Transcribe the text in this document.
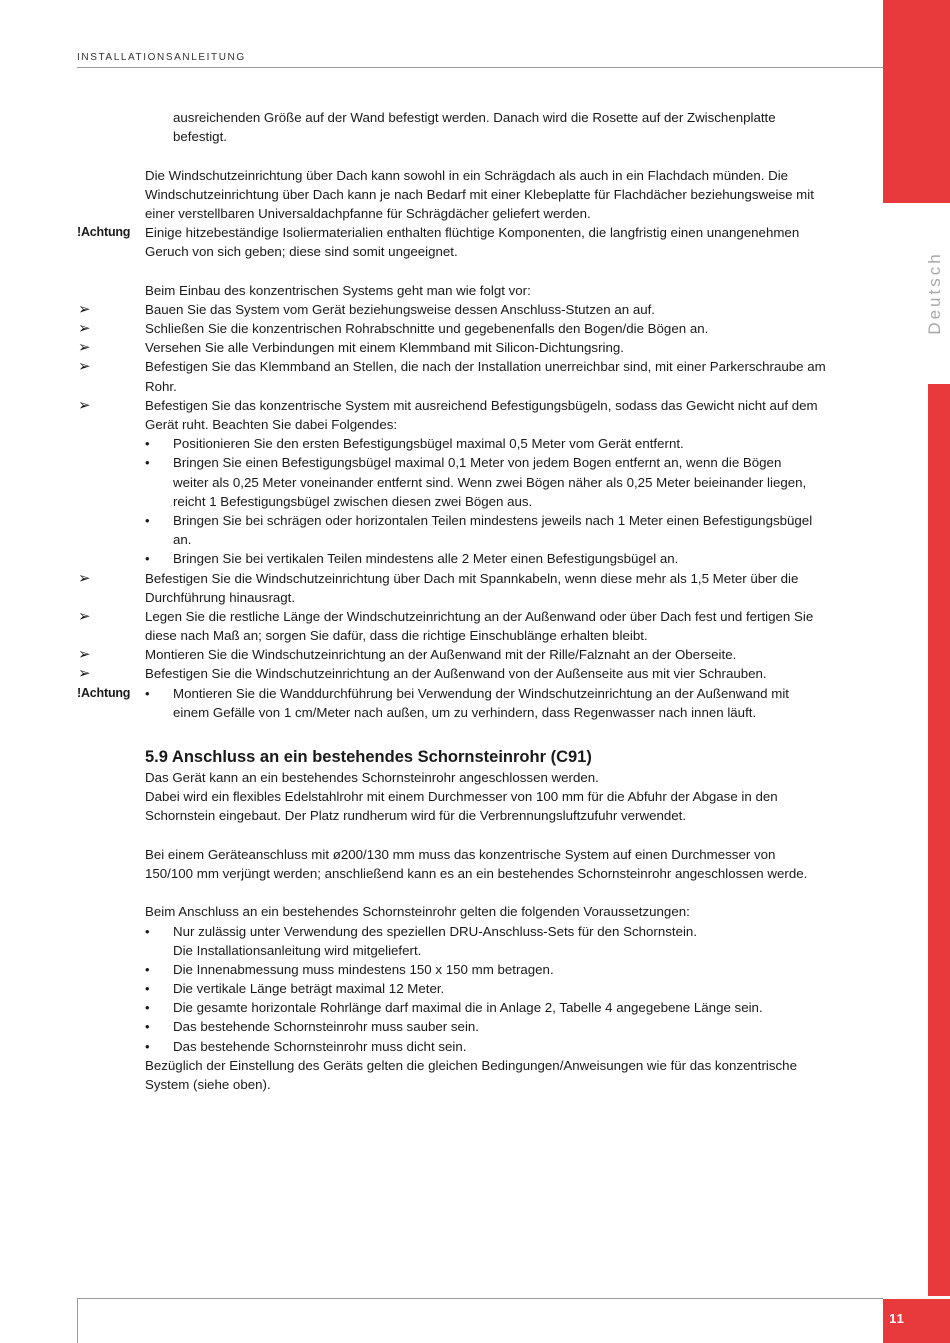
INSTALLATIONSANLEITUNG
Deutsch
ausreichenden Größe auf der Wand befestigt werden. Danach wird die Rosette auf der Zwischenplatte
befestigt.
Die Windschutzeinrichtung über Dach kann sowohl in ein Schrägdach als auch in ein Flachdach münden. Die
Windschutzeinrichtung über Dach kann je nach Bedarf mit einer Klebeplatte für Flachdächer beziehungsweise mit
einer verstellbaren Universaldachpfanne für Schrägdächer geliefert werden.
!Achtung Einige hitzebeständige Isoliermaterialien enthalten flüchtige Komponenten, die langfristig einen unangenehmen
Geruch von sich geben; diese sind somit ungeeignet.
Beim Einbau des konzentrischen Systems geht man wie folgt vor:
➢	Bauen Sie das System vom Gerät beziehungsweise dessen Anschluss-Stutzen an auf.
➢	Schließen Sie die konzentrischen Rohrabschnitte und gegebenenfalls den Bogen/die Bögen an.
➢	Versehen Sie alle Verbindungen mit einem Klemmband mit Silicon-Dichtungsring.
➢	Befestigen Sie das Klemmband an Stellen, die nach der Installation unerreichbar sind, mit einer Parkerschraube am
Rohr.
➢	Befestigen Sie das konzentrische System mit ausreichend Befestigungsbügeln, sodass das Gewicht nicht auf dem
Gerät ruht. Beachten Sie dabei Folgendes:
• Positionieren Sie den ersten Befestigungsbügel maximal 0,5 Meter vom Gerät entfernt.
• Bringen Sie einen Befestigungsbügel maximal 0,1 Meter von jedem Bogen entfernt an, wenn die Bögen
weiter als 0,25 Meter voneinander entfernt sind. Wenn zwei Bögen näher als 0,25 Meter beieinander liegen,
reicht 1 Befestigungsbügel zwischen diesen zwei Bögen aus.
• Bringen Sie bei schrägen oder horizontalen Teilen mindestens jeweils nach 1 Meter einen Befestigungsbügel
an.
• Bringen Sie bei vertikalen Teilen mindestens alle 2 Meter einen Befestigungsbügel an.
➢	Befestigen Sie die Windschutzeinrichtung über Dach mit Spannkabeln, wenn diese mehr als 1,5 Meter über die
Durchführung hinausragt.
➢	Legen Sie die restliche Länge der Windschutzeinrichtung an der Außenwand oder über Dach fest und fertigen Sie
diese nach Maß an; sorgen Sie dafür, dass die richtige Einschublänge erhalten bleibt.
➢	Montieren Sie die Windschutzeinrichtung an der Außenwand mit der Rille/Falznaht an der Oberseite.
➢	Befestigen Sie die Windschutzeinrichtung an der Außenwand von der Außenseite aus mit vier Schrauben.
!Achtung • Montieren Sie die Wanddurchführung bei Verwendung der Windschutzeinrichtung an der Außenwand mit
einem Gefälle von 1 cm/Meter nach außen, um zu verhindern, dass Regenwasser nach innen läuft.
5.9 Anschluss an ein bestehendes Schornsteinrohr (C91)
Das Gerät kann an ein bestehendes Schornsteinrohr angeschlossen werden.
Dabei wird ein flexibles Edelstahlrohr mit einem Durchmesser von 100 mm für die Abfuhr der Abgase in den
Schornstein eingebaut. Der Platz rundherum wird für die Verbrennungsluftzufuhr verwendet.
Bei einem Geräteanschluss mit ø200/130 mm muss das konzentrische System auf einen Durchmesser von
150/100 mm verjüngt werden; anschließend kann es an ein bestehendes Schornsteinrohr angeschlossen werde.
Beim Anschluss an ein bestehendes Schornsteinrohr gelten die folgenden Voraussetzungen:
• Nur zulässig unter Verwendung des speziellen DRU-Anschluss-Sets für den Schornstein.
Die Installationsanleitung wird mitgeliefert.
• Die Innenabmessung muss mindestens 150 x 150 mm betragen.
• Die vertikale Länge beträgt maximal 12 Meter.
• Die gesamte horizontale Rohrlänge darf maximal die in Anlage 2, Tabelle 4 angegebene Länge sein.
• Das bestehende Schornsteinrohr muss sauber sein.
• Das bestehende Schornsteinrohr muss dicht sein.
Bezüglich der Einstellung des Geräts gelten die gleichen Bedingungen/Anweisungen wie für das konzentrische
System (siehe oben).
11
